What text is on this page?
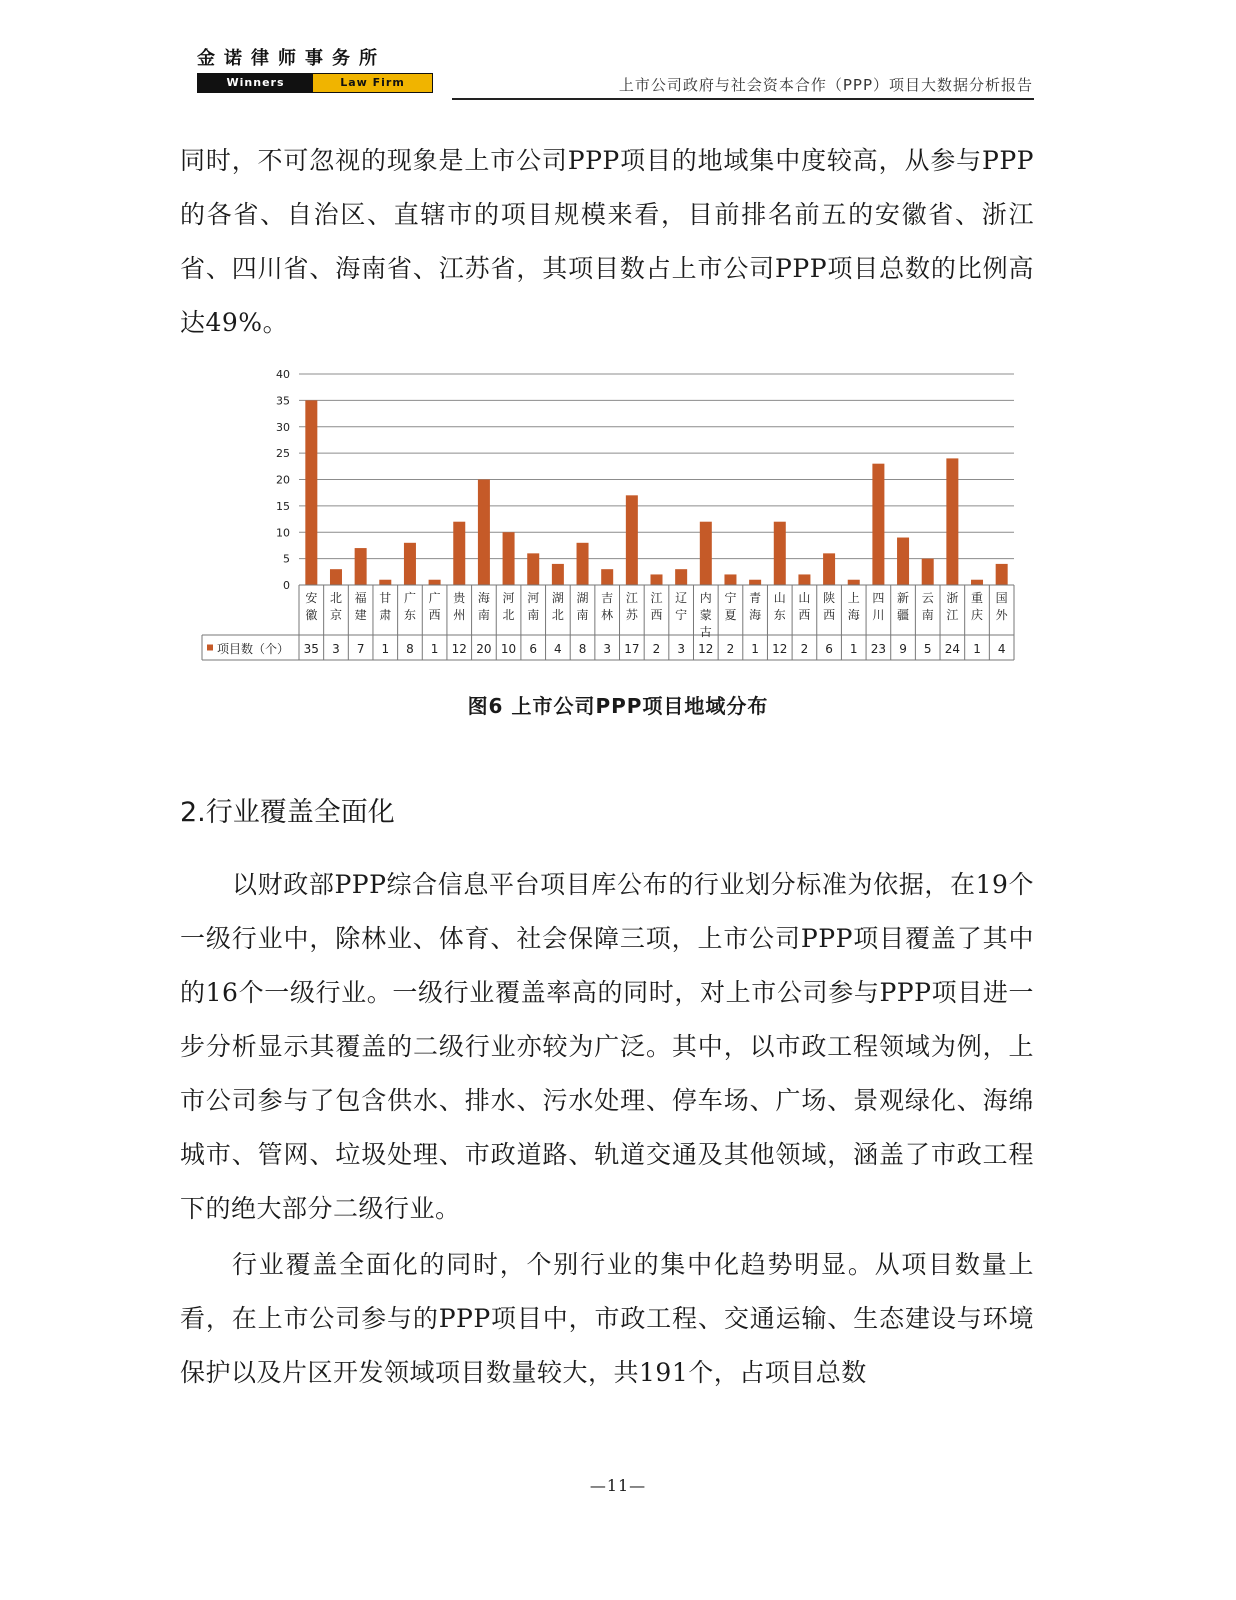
金诺律师事务所
Winners	Law Firm	上市公司政府与社会资本合作（PPP）项目大数据分析报告

同时，不可忽视的现象是上市公司PPP项目的地域集中度较高，从参与PPP的各省、自治区、直辖市的项目规模来看，目前排名前五的安徽省、浙江省、四川省、海南省、江苏省，其项目数占上市公司PPP项目总数的比例高达49%。

0
5
10
15
20
25
30
35
40
安
徽
35
北
京
3
福
建
7
甘
肃
1
广
东
8
广
西
1
贵
州
12
海
南
20
河
北
10
河
南
6
湖
北
4
湖
南
8
吉
林
3
江
苏
17
江
西
2
辽
宁
3
内
蒙
古
12
宁
夏
2
青
海
1
山
东
12
山
西
2
陕
西
6
上
海
1
四
川
23
新
疆
9
云
南
5
浙
江
24
重
庆
1
国
外
4
项目数（个）
图6 上市公司PPP项目地域分布
2.行业覆盖全面化

以财政部PPP综合信息平台项目库公布的行业划分标准为依据，在19个一级行业中，除林业、体育、社会保障三项，上市公司PPP项目覆盖了其中的16个一级行业。一级行业覆盖率高的同时，对上市公司参与PPP项目进一步分析显示其覆盖的二级行业亦较为广泛。其中，以市政工程领域为例，上市公司参与了包含供水、排水、污水处理、停车场、广场、景观绿化、海绵城市、管网、垃圾处理、市政道路、轨道交通及其他领域，涵盖了市政工程下的绝大部分二级行业。

行业覆盖全面化的同时，个别行业的集中化趋势明显。从项目数量上看，在上市公司参与的PPP项目中，市政工程、交通运输、生态建设与环境保护以及片区开发领域项目数量较大，共191个，占项目总数

—11—
